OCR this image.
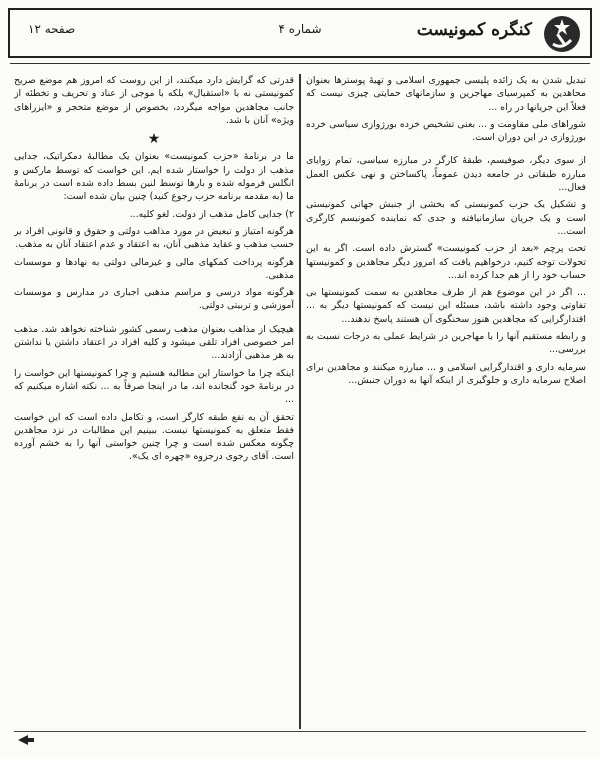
کنگره کمونیست
شماره ۴
صفحه ۱۲

تبدیل شدن به یک زائده پلیسی جمهوری اسلامی و تهیۀ پوسترها بعنوان محاهدین به کمپرسیای مهاجرین و سازمانهای حمایتی چیزی نیست که فعلاً این جریانها در راه ...

شوراهای ملی مقاومت و ... بعنی تشخیص خرده بورژوازی سیاسی خرده بورژوازی در این دوران است.

از سوی دیگر، صوفیسم، طبقۀ کارگر در مبارزه سیاسی، تمام زوایای مبارزه طبقاتی در جامعه دیدن عموماً، پاکساختن و نهی عکس العمل فعال...

و تشکیل یک حزب کمونیستی که بخشی از جنبش جهانی کمونیستی است و یک جریان سازمانیافته و جدی که نماینده کمونیسم کارگری است...

تحت پرچم «بعد از حزب کمونیست» گسترش داده است. اگر به این تحولات توجه کنیم، درخواهیم یافت که امروز دیگر مجاهدین و کمونیستها حساب خود را از هم جدا کرده اند...

... اگر در این موضوع هم از طرف مجاهدین به سمت کمونیستها بی تفاوتی وجود داشته باشد، مسئله این نیست که کمونیستها دیگر به ... اقتدارگرایی که مجاهدین هنوز سخنگوی آن هستند پاسخ ندهند...

و رابطه مستقیم آنها را با مهاجرین در شرایط عملی به درجات نسبت به بررسی...

سرمایه داری و اقتدارگرایی اسلامی و ... مبارزه میکنند و مجاهدین برای اصلاح سرمایه داری و جلوگیری از اینکه آنها به دوران جنبش...

قدرتی که گرایش دارد میکنند، از این روست که امروز هم موضع صریح کمونیستی نه با «استقبال» بلکه با موجی از عناد و تحریف و تخطئه از جانب مجاهدین مواجه میگردد، بخصوص از موضع متحجر و «ایزراهای ویژه» آنان با شد.

★

ما در برنامۀ «حزب کمونیست» بعنوان یک مطالبۀ دمکراتیک، جدایی مذهب از دولت را خواستار شده ایم. این خواست که توسط مارکس و انگلس فرموله شده و بارها توسط لنین بسط داده شده است در برنامۀ ما (به مقدمه برنامه حزب رجوع کنید) چنین بیان شده است:

۲) جدایی کامل مذهب از دولت. لغو کلیه...

هرگونه امتیاز و تبعیض در مورد مذاهب دولتی و حقوق و قانونی افراد بر حسب مذهب و عقاید مذهبی آنان، به اعتقاد و عدم اعتقاد آنان به مذهب.

هرگونه پرداخت کمکهای مالی و غیرمالی دولتی به نهادها و موسسات مذهبی.

هرگونه مواد درسی و مراسم مذهبی اجباری در مدارس و موسسات آموزشی و تربیتی دولتی.

هیچیک از مذاهب بعنوان مذهب رسمی کشور شناخته نخواهد شد. مذهب امر خصوصی افراد تلقی میشود و کلیه افراد در اعتقاد داشتن یا نداشتن به هر مذهبی آزادند...

اینکه چرا ما خواستار این مطالبه هستیم و چرا کمونیستها این خواست را در برنامۀ خود گنجانده اند، ما در اینجا صرفاً به ... نکته اشاره میکنیم که ...

تحقق آن به نفع طبقه کارگر است، و تکامل داده است که این خواست فقط متعلق به کمونیستها نیست. ببینیم این مطالبات در نزد مجاهدین چگونه معکس شده است و چرا چنین خواستی آنها را به خشم آورده است. آقای رجوی درجزوه «چهره ای یک».
